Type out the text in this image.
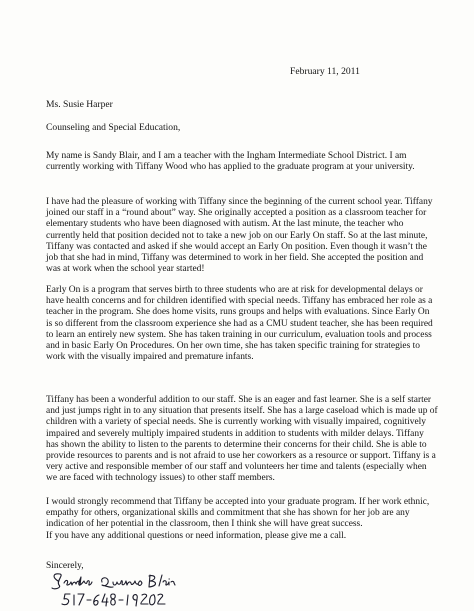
February 11, 2011
Ms. Susie Harper
Counseling and Special Education,

My name is Sandy Blair, and I am a teacher with the Ingham Intermediate School District. I am currently working with Tiffany Wood who has applied to the graduate program at your university.

I have had the pleasure of working with Tiffany since the beginning of the current school year. Tiffany joined our staff in a “round about” way. She originally accepted a position as a classroom teacher for elementary students who have been diagnosed with autism. At the last minute, the teacher who currently held that position decided not to take a new job on our Early On staff. So at the last minute, Tiffany was contacted and asked if she would accept an Early On position. Even though it wasn’t the job that she had in mind, Tiffany was determined to work in her field. She accepted the position and was at work when the school year started!

Early On is a program that serves birth to three students who are at risk for developmental delays or have health concerns and for children identified with special needs. Tiffany has embraced her role as a teacher in the program. She does home visits, runs groups and helps with evaluations. Since Early On is so different from the classroom experience she had as a CMU student teacher, she has been required to learn an entirely new system. She has taken training in our curriculum, evaluation tools and process and in basic Early On Procedures. On her own time, she has taken specific training for strategies to work with the visually impaired and premature infants.

Tiffany has been a wonderful addition to our staff. She is an eager and fast learner. She is a self starter and just jumps right in to any situation that presents itself. She has a large caseload which is made up of children with a variety of special needs. She is currently working with visually impaired, cognitively impaired and severely multiply impaired students in addition to students with milder delays. Tiffany has shown the ability to listen to the parents to determine their concerns for their child. She is able to provide resources to parents and is not afraid to use her coworkers as a resource or support. Tiffany is a very active and responsible member of our staff and volunteers her time and talents (especially when we are faced with technology issues) to other staff members.

I would strongly recommend that Tiffany be accepted into your graduate program. If her work ethnic, empathy for others, organizational skills and commitment that she has shown for her job are any indication of her potential in the classroom, then I think she will have great success.

If you have any additional questions or need information, please give me a call.

Sincerely,
